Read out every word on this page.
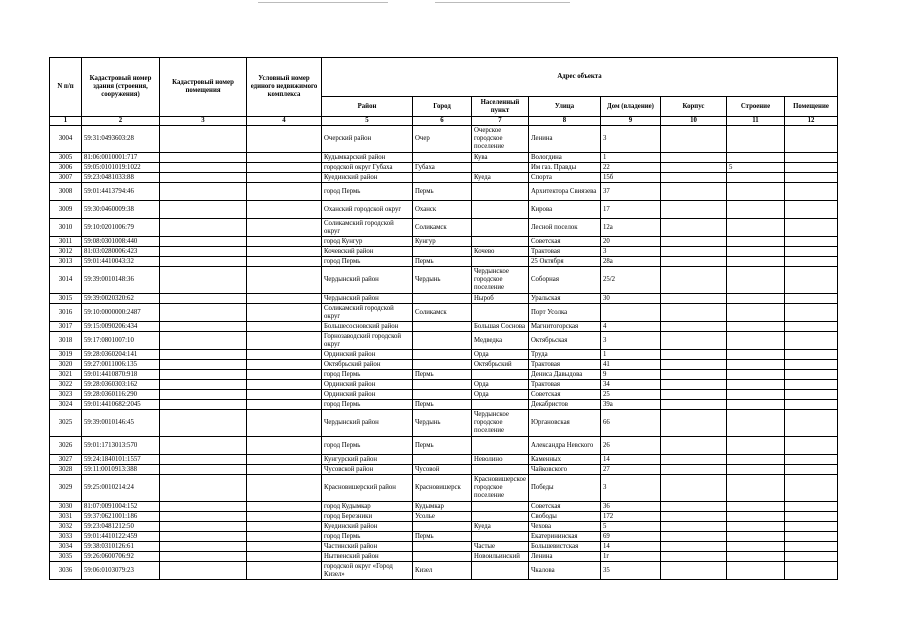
N п/п	Кадастровый номер здания (строения, сооружения)	Кадастровый номер помещения	Условный номер единого недвижимого комплекса	Адрес объекта							
				Район	Город	Населенный пункт	Улица	Дом (владение)	Корпус	Строение	Помещение
1	2	3	4	5	6	7	8	9	10	11	12
3004	59:31:0493603:28			Очерский район	Очер	Очерское городское поселение	Ленина	3			
3005	81:06:0010001:717			Кудымкарский район		Кува	Вологдина	1			
3006	59:05:0101019:1022			городской округ Губаха	Губаха		Им газ. Правды	22		5	
3007	59:23:0481033:88			Куединский район		Куеда	Спорта	15б			
3008	59:01:4413794:46			город Пермь	Пермь		Архитектора Свиязева	37			
3009	59:30:0460009:38			Оханский городской округ	Оханск		Кирова	17			
3010	59:10:0201006:79			Соликамский городской округ	Соликамск		Лесной поселок	12а			
3011	59:08:0301008:440			город Кунгур	Кунгур		Советская	20			
3012	81:03:0280006:423			Кочевский район		Кочево	Трактовая	3			
3013	59:01:4410043:32			город Пермь	Пермь		25 Октября	28а			
3014	59:39:0010148:36			Чердынский район	Чердынь	Чердынское городское поселение	Соборная	25/2			
3015	59:39:0020320:62			Чердынский район		Ныроб	Уральская	30			
3016	59:10:0000000:2487			Соликамский городской округ	Соликамск		Порт Усолка				
3017	59:15:0090206:434			Большесосновский район		Большая Соснова	Магнитогорская	4			
3018	59:17:0801007:10			Горнозаводский городской округ		Медведка	Октябрьская	3			
3019	59:28:0360204:141			Ординский район		Орда	Труда	1			
3020	59:27:0011006:135			Октябрьский район		Октябрьский	Трактовая	41			
3021	59:01:4410870:918			город Пермь	Пермь		Дениса Давыдова	9			
3022	59:28:0360303:162			Ординский район		Орда	Трактовая	34			
3023	59:28:0360116:290			Ординский район		Орда	Советская	25			
3024	59:01:4410682:2045			город Пермь	Пермь		Декабристов	39а			
3025	59:39:0010146:45			Чердынский район	Чердынь	Чердынское городское поселение	Юргановская	66			
3026	59:01:1713013:570			город Пермь	Пермь		Александра Невского	26			
3027	59:24:1840101:1557			Кунгурский район		Неволино	Каменных	14			
3028	59:11:0010913:388			Чусовской район	Чусовой		Чайковского	27			
3029	59:25:0010214:24			Красновишерский район	Красновишерск	Красновишерское городское поселение	Победы	3			
3030	81:07:0091004:152			город Кудымкар	Кудымкар		Советская	36			
3031	59:37:0621001:186			город Березники	Усолье		Свободы	172			
3032	59:23:0481212:50			Куединский район		Куеда	Чехова	5			
3033	59:01:4410122:459			город Пермь	Пермь		Екатерининская	69			
3034	59:38:0310126:61			Частинский район		Частые	Большевистская	14			
3035	59:26:0600706:92			Нытвенский район		Новоильинский	Ленина	1г			
3036	59:06:0103079:23			городской округ «Город Кизел»	Кизел		Чкалова	35			
